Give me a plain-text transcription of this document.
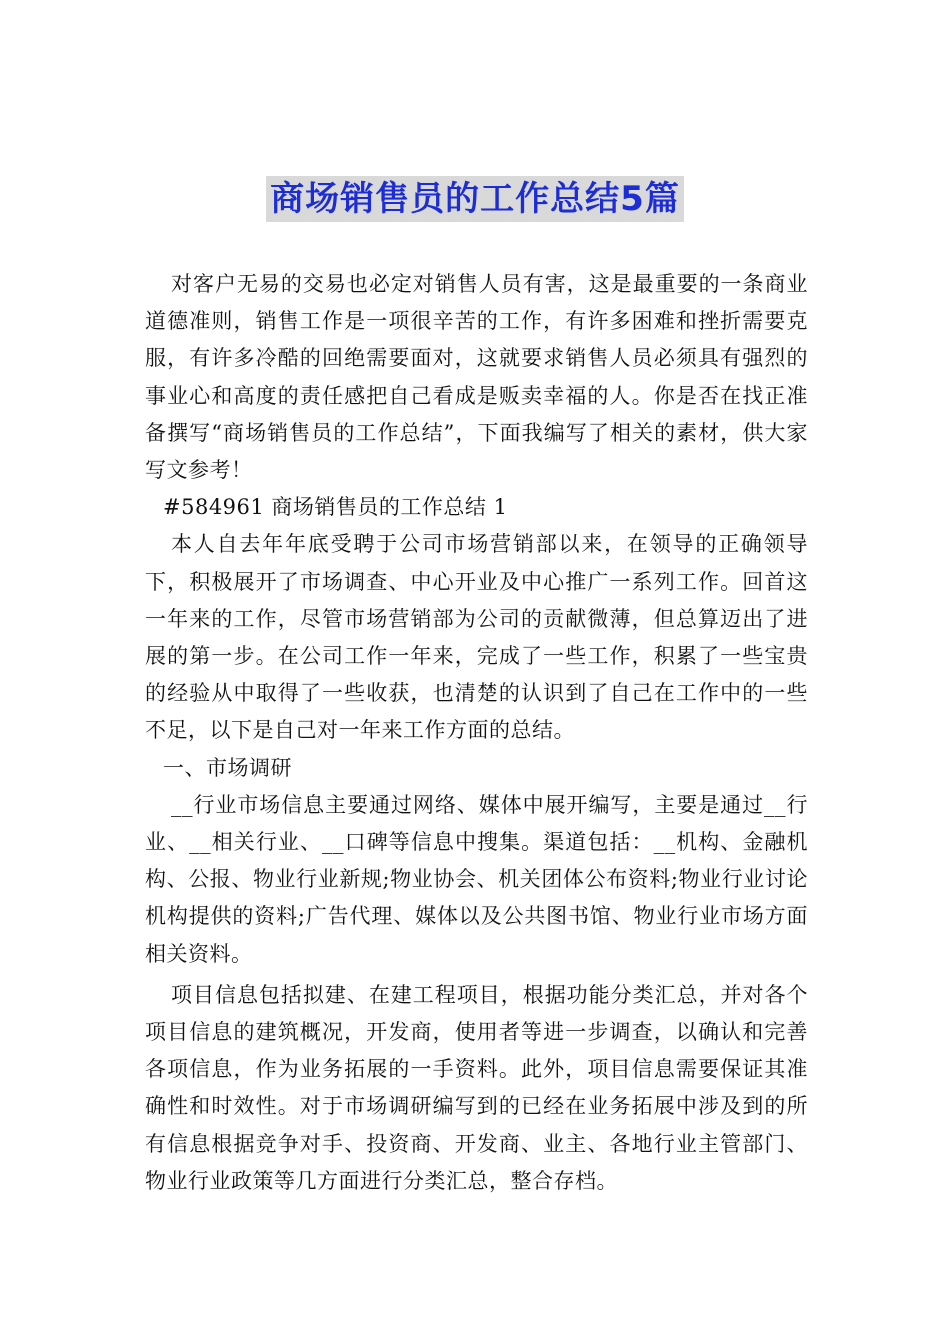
商场销售员的工作总结5篇

对客户无易的交易也必定对销售人员有害，这是最重要的一条商业道德准则，销售工作是一项很辛苦的工作，有许多困难和挫折需要克服，有许多冷酷的回绝需要面对，这就要求销售人员必须具有强烈的事业心和高度的责任感把自己看成是贩卖幸福的人。你是否在找正准备撰写“商场销售员的工作总结”，下面我编写了相关的素材，供大家写文参考！

#584961 商场销售员的工作总结 1

本人自去年年底受聘于公司市场营销部以来，在领导的正确领导下，积极展开了市场调查、中心开业及中心推广一系列工作。回首这一年来的工作，尽管市场营销部为公司的贡献微薄，但总算迈出了进展的第一步。在公司工作一年来，完成了一些工作，积累了一些宝贵的经验从中取得了一些收获，也清楚的认识到了自己在工作中的一些不足，以下是自己对一年来工作方面的总结。

一、市场调研

__行业市场信息主要通过网络、媒体中展开编写，主要是通过__行业、__相关行业、__口碑等信息中搜集。渠道包括：__机构、金融机构、公报、物业行业新规;物业协会、机关团体公布资料;物业行业讨论机构提供的资料;广告代理、媒体以及公共图书馆、物业行业市场方面相关资料。

项目信息包括拟建、在建工程项目，根据功能分类汇总，并对各个项目信息的建筑概况，开发商，使用者等进一步调查，以确认和完善各项信息，作为业务拓展的一手资料。此外，项目信息需要保证其准确性和时效性。对于市场调研编写到的已经在业务拓展中涉及到的所有信息根据竞争对手、投资商、开发商、业主、各地行业主管部门、物业行业政策等几方面进行分类汇总，整合存档。
